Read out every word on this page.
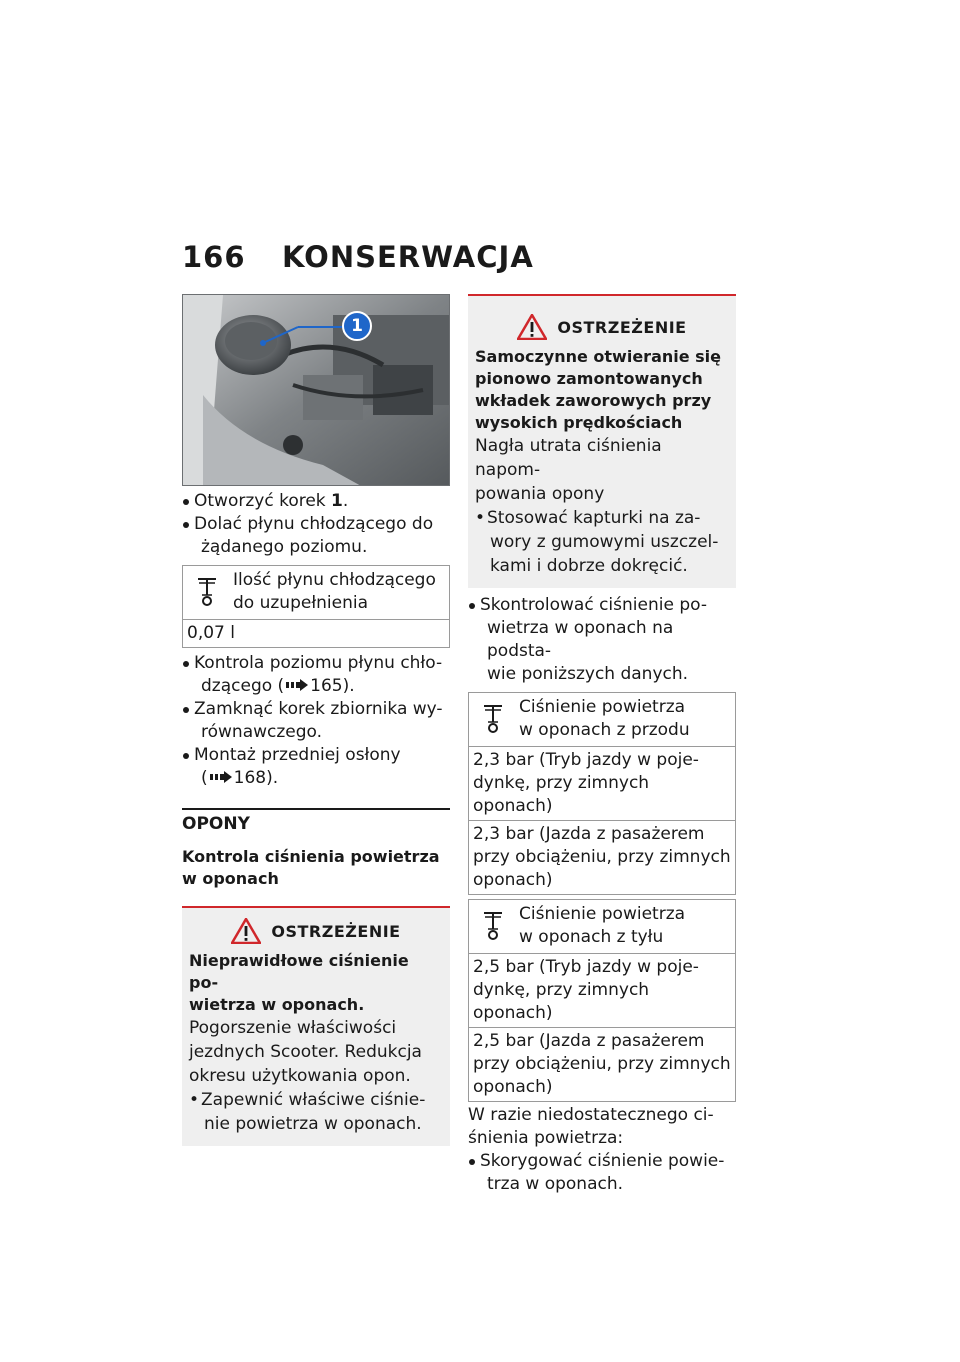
166	KONSERWACJA
1
Otworzyć korek 1.
Dolać płynu chłodzącego do
żądanego poziomu.
Ilość płynu chłodzącego
do uzupełnienia
0,07 l
Kontrola poziomu płynu chło-
dzącego ( 165).
Zamknąć korek zbiornika wy-
równawczego.
Montaż przedniej osłony
( 168).
OPONY
Kontrola ciśnienia powietrza
w oponach
OSTRZEŻENIE
Nieprawidłowe ciśnienie po-
wietrza w oponach.

Pogorszenie właściwości
jezdnych Scooter. Redukcja
okresu użytkowania opon.

• Zapewnić właściwe ciśnie-
nie powietrza w oponach.
OSTRZEŻENIE
Samoczynne otwieranie się
pionowo zamontowanych
wkładek zaworowych przy
wysokich prędkościach

Nagła utrata ciśnienia napom-
powania opony

• Stosować kapturki na za-
wory z gumowymi uszczel-
kami i dobrze dokręcić.
Skontrolować ciśnienie po-
wietrza w oponach na podsta-
wie poniższych danych.
Ciśnienie powietrza
w oponach z przodu
2,3 bar (Tryb jazdy w poje-
dynkę, przy zimnych oponach)
2,3 bar (Jazda z pasażerem
przy obciążeniu, przy zimnych
oponach)
Ciśnienie powietrza
w oponach z tyłu
2,5 bar (Tryb jazdy w poje-
dynkę, przy zimnych oponach)
2,5 bar (Jazda z pasażerem
przy obciążeniu, przy zimnych
oponach)
W razie niedostatecznego ci-
śnienia powietrza:
Skorygować ciśnienie powie-
trza w oponach.
